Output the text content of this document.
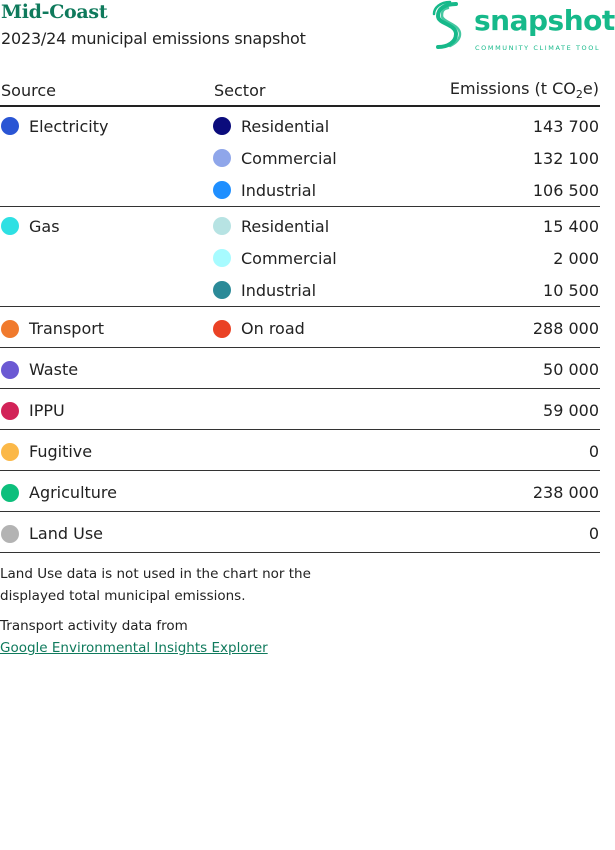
Mid-Coast
2023/24 municipal emissions snapshot
snapshot
COMMUNITY CLIMATE TOOL
Source	Sector	Emissions (t $CO_2e$)

Electricity	Residential	143 700

	Commercial	132 100

	Industrial	106 500

Gas	Residential	15 400

	Commercial	2 000

	Industrial	10 500

Transport	On road	288 000

Waste		50 000

IPPU		59 000

Fugitive		0

Agriculture		238 000

Land Use		0

Land Use data is not used in the chart nor the displayed total municipal emissions.

Transport activity data from
Google Environmental Insights Explorer
